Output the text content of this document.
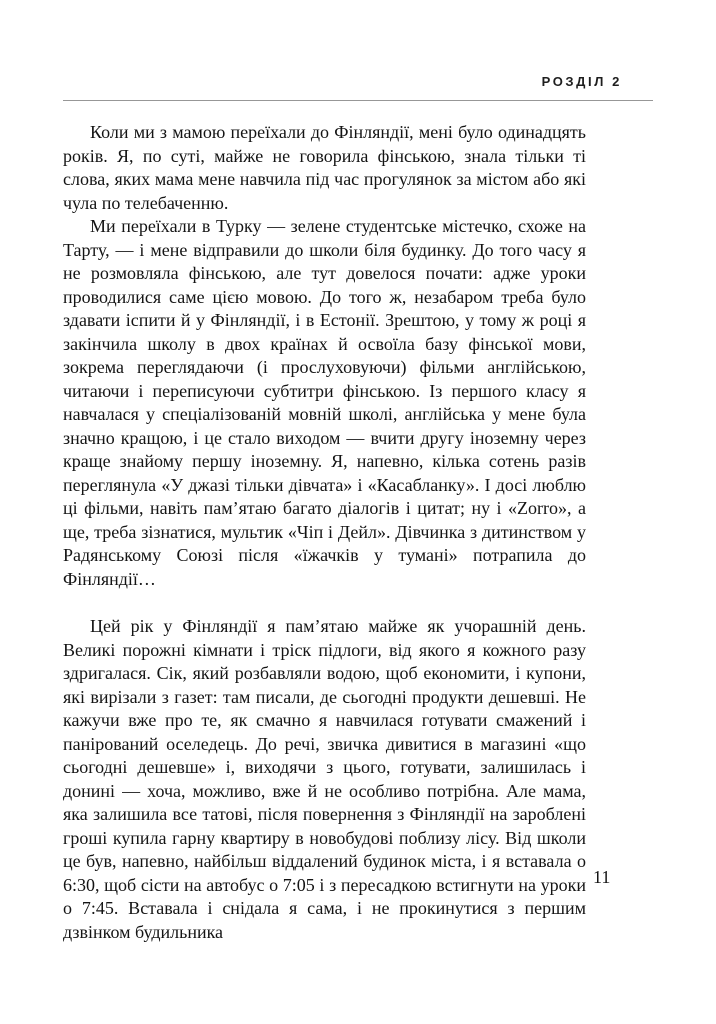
РОЗДІЛ 2

Коли ми з мамою переїхали до Фінляндії, мені було одинадцять років. Я, по суті, майже не говорила фінською, знала тільки ті слова, яких мама мене навчила під час прогулянок за містом або які чула по телебаченню.

Ми переїхали в Турку — зелене студентське містечко, схоже на Тарту, — і мене відправили до школи біля будинку. До того часу я не розмовляла фінською, але тут довелося почати: адже уроки проводилися саме цією мовою. До того ж, незабаром треба було здавати іспити й у Фінляндії, і в Естонії. Зрештою, у тому ж році я закінчила школу в двох країнах й освоїла базу фінської мови, зокрема переглядаючи (і прослуховуючи) фільми англійською, читаючи і переписуючи субтитри фінською. Із першого класу я навчалася у спеціалізованій мовній школі, англійська у мене була значно кращою, і це стало виходом — вчити другу іноземну через краще знайому першу іноземну. Я, напевно, кілька сотень разів переглянула «У джазі тільки дівчата» і «Касабланку». І досі люблю ці фільми, навіть пам’ятаю багато діалогів і цитат; ну і «Zorro», а ще, треба зізнатися, мультик «Чіп і Дейл». Дівчинка з дитинством у Радянському Союзі після «їжачків у тумані» потрапила до Фінляндії…

Цей рік у Фінляндії я пам’ятаю майже як учорашній день. Великі порожні кімнати і тріск підлоги, від якого я кожного разу здригалася. Сік, який розбавляли водою, щоб економити, і купони, які вирізали з газет: там писали, де сьогодні продукти дешевші. Не кажучи вже про те, як смачно я навчилася готувати смажений і панірований оселедець. До речі, звичка дивитися в магазині «що сьогодні дешевше» і, виходячи з цього, готувати, залишилась і донині — хоча, можливо, вже й не особливо потрібна. Але мама, яка залишила все татові, після повернення з Фінляндії на зароблені гроші купила гарну квартиру в новобудові поблизу лісу. Від школи це був, напевно, найбільш віддалений будинок міста, і я вставала о 6:30, щоб сісти на автобус о 7:05 і з пересадкою встигнути на уроки о 7:45. Вставала і снідала я сама, і не прокинутися з першим дзвінком будильника

11
